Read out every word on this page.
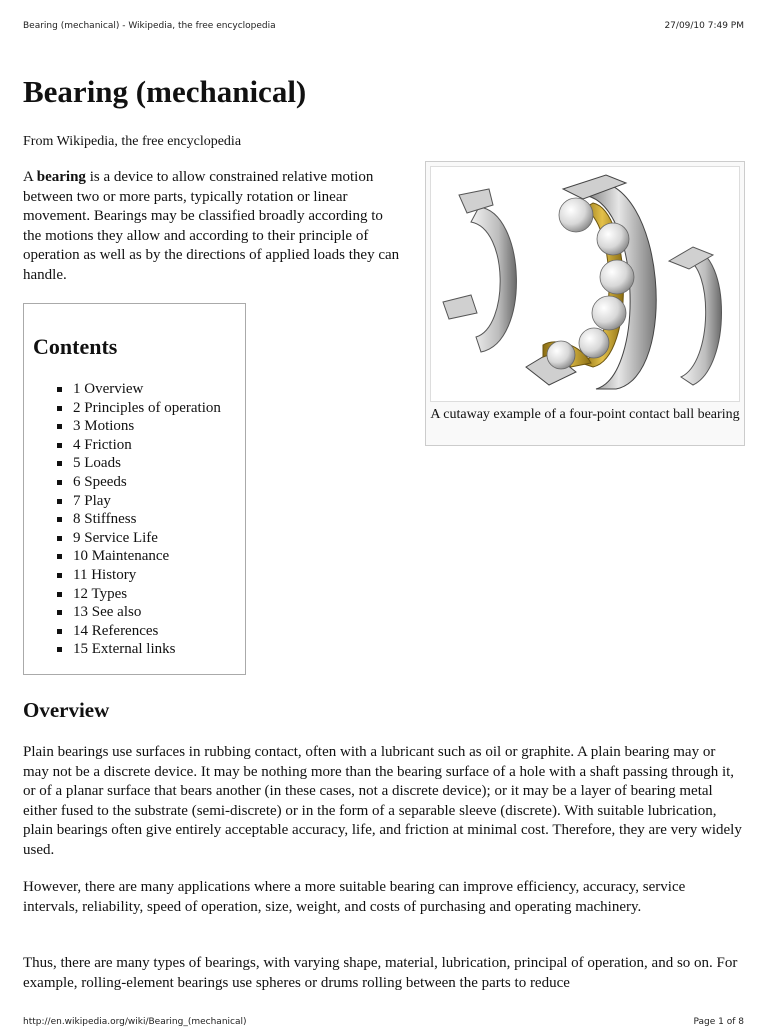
Bearing (mechanical) - Wikipedia, the free encyclopedia	27/09/10 7:49 PM
Bearing (mechanical)
From Wikipedia, the free encyclopedia

A bearing is a device to allow constrained relative motion between two or more parts, typically rotation or linear movement. Bearings may be classified broadly according to the motions they allow and according to their principle of operation as well as by the directions of applied loads they can handle.

Contents
1 Overview
2 Principles of operation
3 Motions
4 Friction
5 Loads
6 Speeds
7 Play
8 Stiffness
9 Service Life
10 Maintenance
11 History
12 Types
13 See also
14 References
15 External links
A cutaway example of a four-point contact ball bearing
Overview

Plain bearings use surfaces in rubbing contact, often with a lubricant such as oil or graphite. A plain bearing may or may not be a discrete device. It may be nothing more than the bearing surface of a hole with a shaft passing through it, or of a planar surface that bears another (in these cases, not a discrete device); or it may be a layer of bearing metal either fused to the substrate (semi-discrete) or in the form of a separable sleeve (discrete). With suitable lubrication, plain bearings often give entirely acceptable accuracy, life, and friction at minimal cost. Therefore, they are very widely used.

However, there are many applications where a more suitable bearing can improve efficiency, accuracy, service intervals, reliability, speed of operation, size, weight, and costs of purchasing and operating machinery.

Thus, there are many types of bearings, with varying shape, material, lubrication, principal of operation, and so on. For example, rolling-element bearings use spheres or drums rolling between the parts to reduce

http://en.wikipedia.org/wiki/Bearing_(mechanical)	Page 1 of 8
